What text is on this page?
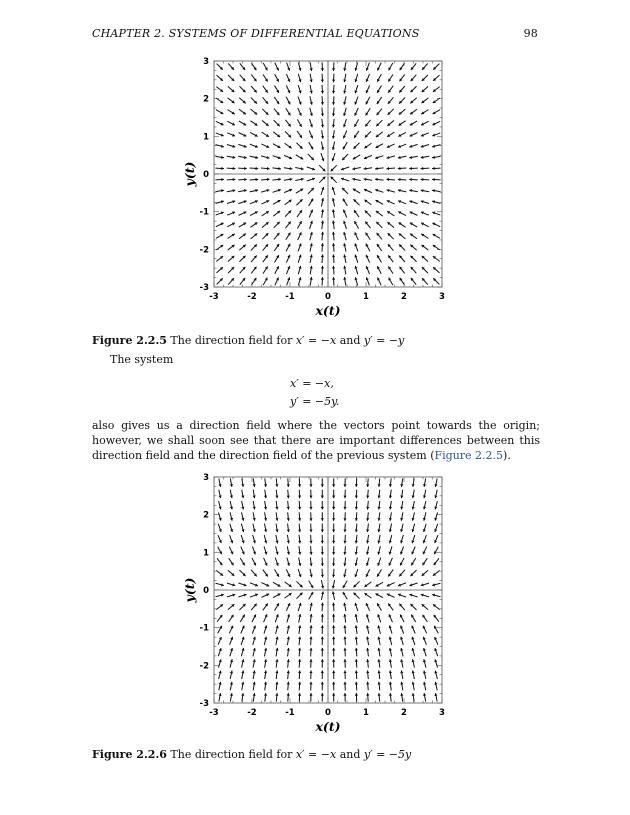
CHAPTER 2. SYSTEMS OF DIFFERENTIAL EQUATIONS	98
-3	-2	-1	0	1	2	3
-3
-2
-1
0
1
2
3
x(t)
y(t)
Figure 2.2.5 The direction field for x′ = −x and y′ = −y
The system
x′ = −x,
y′ = −5y.
also gives us a direction field where the vectors point towards the origin; however, we shall soon see that there are important differences between this direction field and the direction field of the previous system (Figure 2.2.5).
-3	-2	-1	0	1	2	3
-3
-2
-1
0
1
2
3
x(t)
y(t)
Figure 2.2.6 The direction field for x′ = −x and y′ = −5y
